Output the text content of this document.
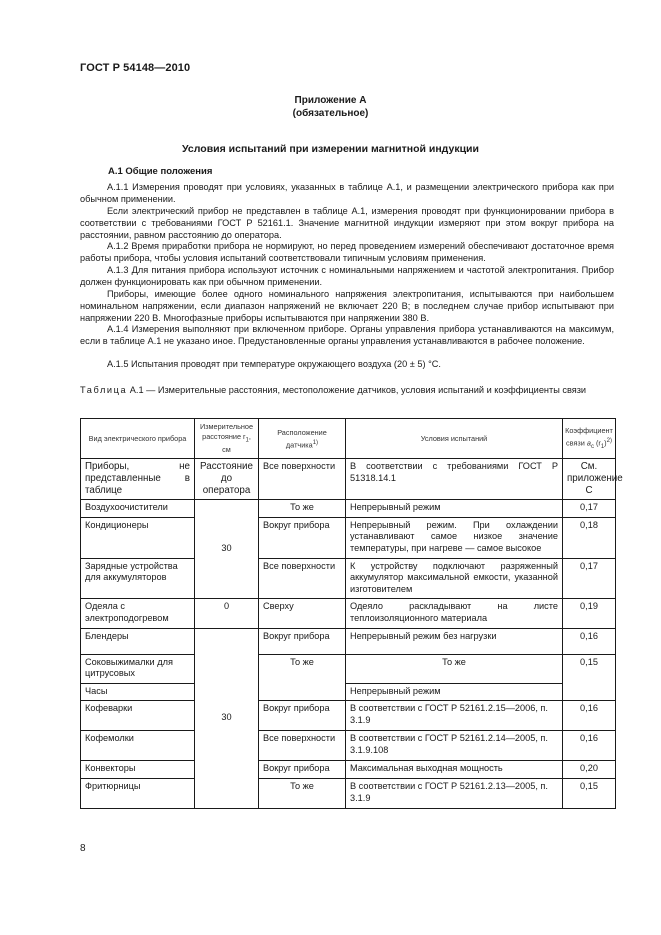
ГОСТ Р 54148—2010
Приложение А
(обязательное)
Условия испытаний при измерении магнитной индукции
А.1 Общие положения
А.1.1 Измерения проводят при условиях, указанных в таблице А.1, и размещении электрического прибора как при обычном применении.
Если электрический прибор не представлен в таблице А.1, измерения проводят при функционировании прибора в соответствии с требованиями ГОСТ Р 52161.1. Значение магнитной индукции измеряют при этом вокруг прибора на расстоянии, равном расстоянию до оператора.
А.1.2 Время приработки прибора не нормируют, но перед проведением измерений обеспечивают достаточное время работы прибора, чтобы условия испытаний соответствовали типичным условиям применения.
А.1.3 Для питания прибора используют источник с номинальными напряжением и частотой электропитания. Прибор должен функционировать как при обычном применении.
Приборы, имеющие более одного номинального напряжения электропитания, испытываются при наибольшем номинальном напряжении, если диапазон напряжений не включает 220 В; в последнем случае прибор испытывают при напряжении 220 В. Многофазные приборы испытываются при напряжении 380 В.
А.1.4 Измерения выполняют при включенном приборе. Органы управления прибора устанавливаются на максимум, если в таблице А.1 не указано иное. Предустановленные органы управления устанавливаются в рабочее положение.
А.1.5 Испытания проводят при температуре окружающего воздуха (20 ± 5) °С.
Таблица А.1 — Измерительные расстояния, местоположение датчиков, условия испытаний и коэффициенты связи
Вид электрического прибора	Измерительное расстояние $r_1$, см	Расположение датчика$^{1)}$	Условия испытаний	Коэффициент связи $a_c$ $(r_1)^{2)}$
Приборы, не представленные в таблице	Расстояние до оператора	Все поверхности	В соответствии с требованиями ГОСТ Р 51318.14.1	См. приложение С
Воздухоочистители	30	То же	Непрерывный режим	0,17
Кондиционеры		Вокруг прибора	Непрерывный режим. При охлаждении устанавливают самое низкое значение температуры, при нагреве — самое высокое	0,18
Зарядные устройства для аккумуляторов		Все поверхности	К устройству подключают разряженный аккумулятор максимальной емкости, указанной изготовителем	0,17
Одеяла с электроподогревом	0	Сверху	Одеяло раскладывают на листе теплоизоляционного материала	0,19
Блендеры	30	Вокруг прибора	Непрерывный режим без нагрузки	0,16
Соковыжималки для цитрусовых		То же	То же	0,15
Часы			Непрерывный режим	
Кофеварки		Вокруг прибора	В соответствии с ГОСТ Р 52161.2.15—2006, п. 3.1.9	0,16
Кофемолки		Все поверхности	В соответствии с ГОСТ Р 52161.2.14—2005, п. 3.1.9.108	0,16
Конвекторы		Вокруг прибора	Максимальная выходная мощность	0,20
Фритюрницы		То же	В соответствии с ГОСТ Р 52161.2.13—2005, п. 3.1.9	0,15
8
